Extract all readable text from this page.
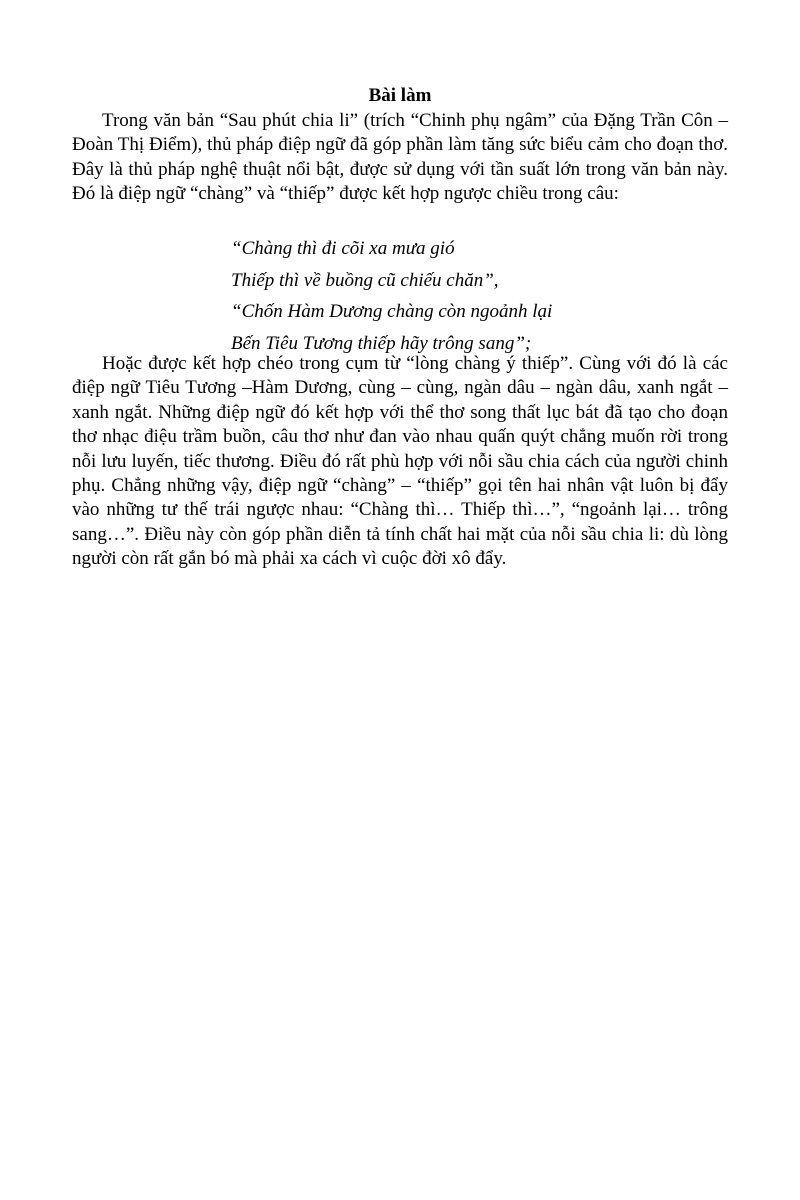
Bài làm

Trong văn bản “Sau phút chia li” (trích “Chinh phụ ngâm” của Đặng Trần Côn – Đoàn Thị Điểm), thủ pháp điệp ngữ đã góp phần làm tăng sức biểu cảm cho đoạn thơ. Đây là thủ pháp nghệ thuật nổi bật, được sử dụng với tần suất lớn trong văn bản này. Đó là điệp ngữ “chàng” và “thiếp” được kết hợp ngược chiều trong câu:

“Chàng thì đi cõi xa mưa gió
Thiếp thì về buồng cũ chiếu chăn”,
“Chốn Hàm Dương chàng còn ngoảnh lại
Bến Tiêu Tương thiếp hãy trông sang”;

Hoặc được kết hợp chéo trong cụm từ “lòng chàng ý thiếp”. Cùng với đó là các điệp ngữ Tiêu Tương –Hàm Dương, cùng – cùng, ngàn dâu – ngàn dâu, xanh ngắt – xanh ngắt. Những điệp ngữ đó kết hợp với thể thơ song thất lục bát đã tạo cho đoạn thơ nhạc điệu trầm buồn, câu thơ như đan vào nhau quấn quýt chẳng muốn rời trong nỗi lưu luyến, tiếc thương. Điều đó rất phù hợp với nỗi sầu chia cách của người chinh phụ. Chẳng những vậy, điệp ngữ “chàng” – “thiếp” gọi tên hai nhân vật luôn bị đẩy vào những tư thế trái ngược nhau: “Chàng thì… Thiếp thì…”, “ngoảnh lại… trông sang…”. Điều này còn góp phần diễn tả tính chất hai mặt của nỗi sầu chia li: dù lòng người còn rất gắn bó mà phải xa cách vì cuộc đời xô đẩy.
